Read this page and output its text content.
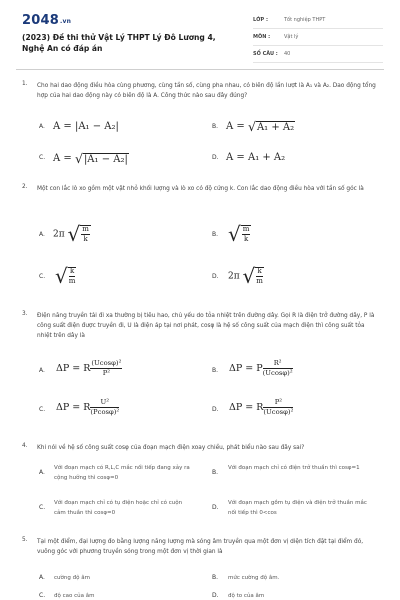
2048.vn
(2023) Đề thi thử Vật Lý THPT Lý Đô Lương 4, Nghệ An có đáp án
LỚP :	Tốt nghiệp THPT
MÔN :	Vật lý
SỐ CÂU : 40
1. Cho hai dao động điều hòa cùng phương, cùng tần số, cùng pha nhau, có biên độ lần lượt là A₁ và A₂. Dao động tổng hợp của hai dao động này có biên độ là A. Công thức nào sau đây đúng?
A. A = |A₁ − A₂|	B. A = √A₁ + A₂
C. A = √|A₁ − A₂|	D. A = A₁ + A₂
2. Một con lắc lò xo gồm một vật nhỏ khối lượng và lò xo có độ cứng k. Con lắc dao động điều hòa với tần số góc là
A. 2π √ $\frac{m}{k}$	B. √ $\frac{m}{k}$
C. √ $\frac{k}{m}$	D. 2π √ $\frac{k}{m}$
3. Điện năng truyền tải đi xa thường bị tiêu hao, chủ yếu do tỏa nhiệt trên đường dây. Gọi R là điện trở đường dây, P là công suất điện được truyền đi, U là điện áp tại nơi phát, cosφ là hệ số công suất của mạch điện thì công suất tỏa nhiệt trên dây là
A. ΔP = R $\frac{\text{(Ucosφ)²}}{\text{P²}}$	B. ΔP = P $\frac{\text{R²}}{\text{(Ucosφ)²}}$
C. ΔP = R $\frac{\text{U²}}{\text{(Pcosφ)²}}$	D. ΔP = R $\frac{\text{P²}}{\text{(Ucosφ)²}}$
4. Khi nói về hệ số công suất cosφ của đoạn mạch điện xoay chiều, phát biểu nào sau đây sai?
A.
Với đoạn mạch có R,L,C mắc nối tiếp đang xảy ra cộng hưởng thì cosφ=0
B.
Với đoạn mạch chỉ có điện trở thuần thì cosφ=1
C.
Với đoạn mạch chỉ có tụ điện hoặc chỉ có cuộn cảm thuần thì cosφ=0
D.
Với đoạn mạch gồm tụ điện và điện trở thuần mắc nối tiếp thì 0<cos
5. Tại một điểm, đại lượng đo bằng lượng năng lượng mà sóng âm truyền qua một đơn vị diện tích đặt tại điểm đó, vuông góc với phương truyền sóng trong một đơn vị thời gian là
A. cường độ âm	B. mức cường độ âm.
C. độ cao của âm	D. độ to của âm
